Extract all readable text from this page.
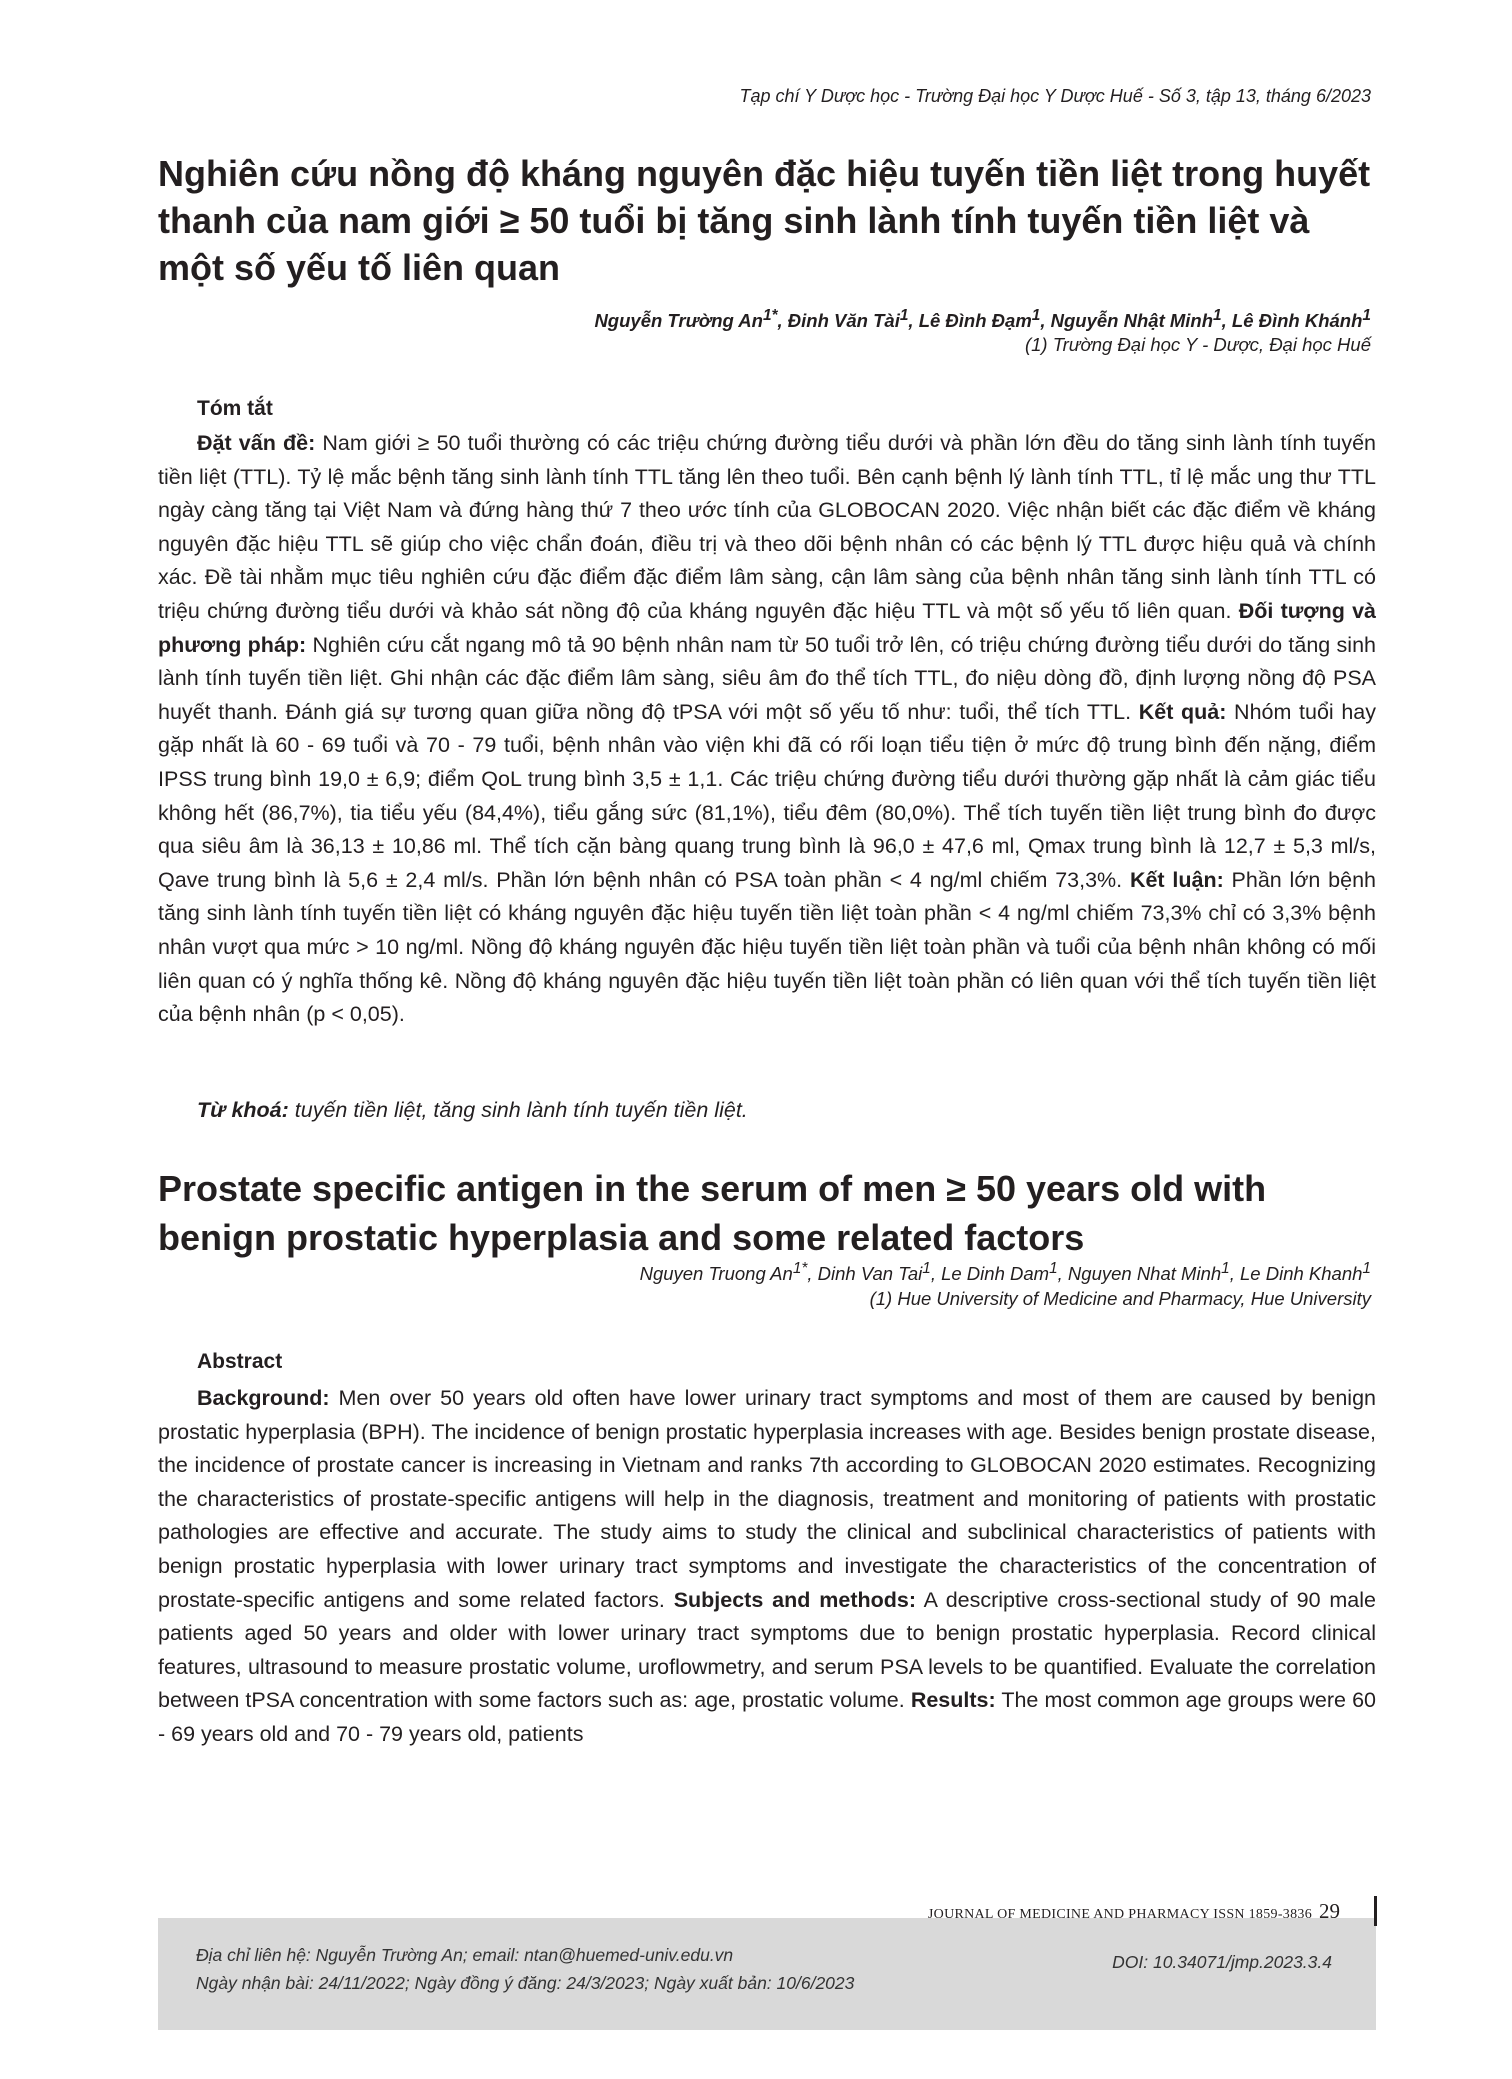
Tạp chí Y Dược học - Trường Đại học Y Dược Huế - Số 3, tập 13, tháng 6/2023
Nghiên cứu nồng độ kháng nguyên đặc hiệu tuyến tiền liệt trong huyết
thanh của nam giới ≥ 50 tuổi bị tăng sinh lành tính tuyến tiền liệt và
một số yếu tố liên quan
Nguyễn Trường $An^{1*}$, Đinh Văn Tài$^1$, Lê Đình Đạm$^1$, Nguyễn Nhật Minh$^1$, Lê Đình Khánh$^1$
(1) Trường Đại học Y - Dược, Đại học Huế
Tóm tắt
Đặt vấn đề: Nam giới ≥ 50 tuổi thường có các triệu chứng đường tiểu dưới và phần lớn đều do tăng sinh lành tính tuyến tiền liệt (TTL). Tỷ lệ mắc bệnh tăng sinh lành tính TTL tăng lên theo tuổi. Bên cạnh bệnh lý lành tính TTL, tỉ lệ mắc ung thư TTL ngày càng tăng tại Việt Nam và đứng hàng thứ 7 theo ước tính của GLOBOCAN 2020. Việc nhận biết các đặc điểm về kháng nguyên đặc hiệu TTL sẽ giúp cho việc chẩn đoán, điều trị và theo dõi bệnh nhân có các bệnh lý TTL được hiệu quả và chính xác. Đề tài nhằm mục tiêu nghiên cứu đặc điểm đặc điểm lâm sàng, cận lâm sàng của bệnh nhân tăng sinh lành tính TTL có triệu chứng đường tiểu dưới và khảo sát nồng độ của kháng nguyên đặc hiệu TTL và một số yếu tố liên quan. Đối tượng và phương pháp: Nghiên cứu cắt ngang mô tả 90 bệnh nhân nam từ 50 tuổi trở lên, có triệu chứng đường tiểu dưới do tăng sinh lành tính tuyến tiền liệt. Ghi nhận các đặc điểm lâm sàng, siêu âm đo thể tích TTL, đo niệu dòng đồ, định lượng nồng độ PSA huyết thanh. Đánh giá sự tương quan giữa nồng độ tPSA với một số yếu tố như: tuổi, thể tích TTL. Kết quả: Nhóm tuổi hay gặp nhất là 60 - 69 tuổi và 70 - 79 tuổi, bệnh nhân vào viện khi đã có rối loạn tiểu tiện ở mức độ trung bình đến nặng, điểm IPSS trung bình 19,0 ± 6,9; điểm QoL trung bình 3,5 ± 1,1. Các triệu chứng đường tiểu dưới thường gặp nhất là cảm giác tiểu không hết (86,7%), tia tiểu yếu (84,4%), tiểu gắng sức (81,1%), tiểu đêm (80,0%). Thể tích tuyến tiền liệt trung bình đo được qua siêu âm là 36,13 ± 10,86 ml. Thể tích cặn bàng quang trung bình là 96,0 ± 47,6 ml, Qmax trung bình là 12,7 ± 5,3 ml/s, Qave trung bình là 5,6 ± 2,4 ml/s. Phần lớn bệnh nhân có PSA toàn phần < 4 ng/ml chiếm 73,3%. Kết luận: Phần lớn bệnh tăng sinh lành tính tuyến tiền liệt có kháng nguyên đặc hiệu tuyến tiền liệt toàn phần < 4 ng/ml chiếm 73,3% chỉ có 3,3% bệnh nhân vượt qua mức > 10 ng/ml. Nồng độ kháng nguyên đặc hiệu tuyến tiền liệt toàn phần và tuổi của bệnh nhân không có mối liên quan có ý nghĩa thống kê. Nồng độ kháng nguyên đặc hiệu tuyến tiền liệt toàn phần có liên quan với thể tích tuyến tiền liệt của bệnh nhân (p < 0,05).
Từ khoá: tuyến tiền liệt, tăng sinh lành tính tuyến tiền liệt.
Prostate specific antigen in the serum of men ≥ 50 years old with
benign prostatic hyperplasia and some related factors
Nguyen Truong $An^{1*}$, Dinh Van Tai$^1$, Le Dinh Dam$^1$, Nguyen Nhat Minh$^1$, Le Dinh Khanh$^1$
(1) Hue University of Medicine and Pharmacy, Hue University
Abstract
Background: Men over 50 years old often have lower urinary tract symptoms and most of them are caused by benign prostatic hyperplasia (BPH). The incidence of benign prostatic hyperplasia increases with age. Besides benign prostate disease, the incidence of prostate cancer is increasing in Vietnam and ranks 7th according to GLOBOCAN 2020 estimates. Recognizing the characteristics of prostate-specific antigens will help in the diagnosis, treatment and monitoring of patients with prostatic pathologies are effective and accurate. The study aims to study the clinical and subclinical characteristics of patients with benign prostatic hyperplasia with lower urinary tract symptoms and investigate the characteristics of the concentration of prostate-specific antigens and some related factors. Subjects and methods: A descriptive cross-sectional study of 90 male patients aged 50 years and older with lower urinary tract symptoms due to benign prostatic hyperplasia. Record clinical features, ultrasound to measure prostatic volume, uroflowmetry, and serum PSA levels to be quantified. Evaluate the correlation between tPSA concentration with some factors such as: age, prostatic volume. Results: The most common age groups were 60 - 69 years old and 70 - 79 years old, patients
Địa chỉ liên hệ: Nguyễn Trường An; email: ntan@huemed-univ.edu.vn
Ngày nhận bài: 24/11/2022; Ngày đồng ý đăng: 24/3/2023; Ngày xuất bản: 10/6/2023
DOI: 10.34071/jmp.2023.3.4
JOURNAL OF MEDICINE AND PHARMACY ISSN 1859-3836 29
